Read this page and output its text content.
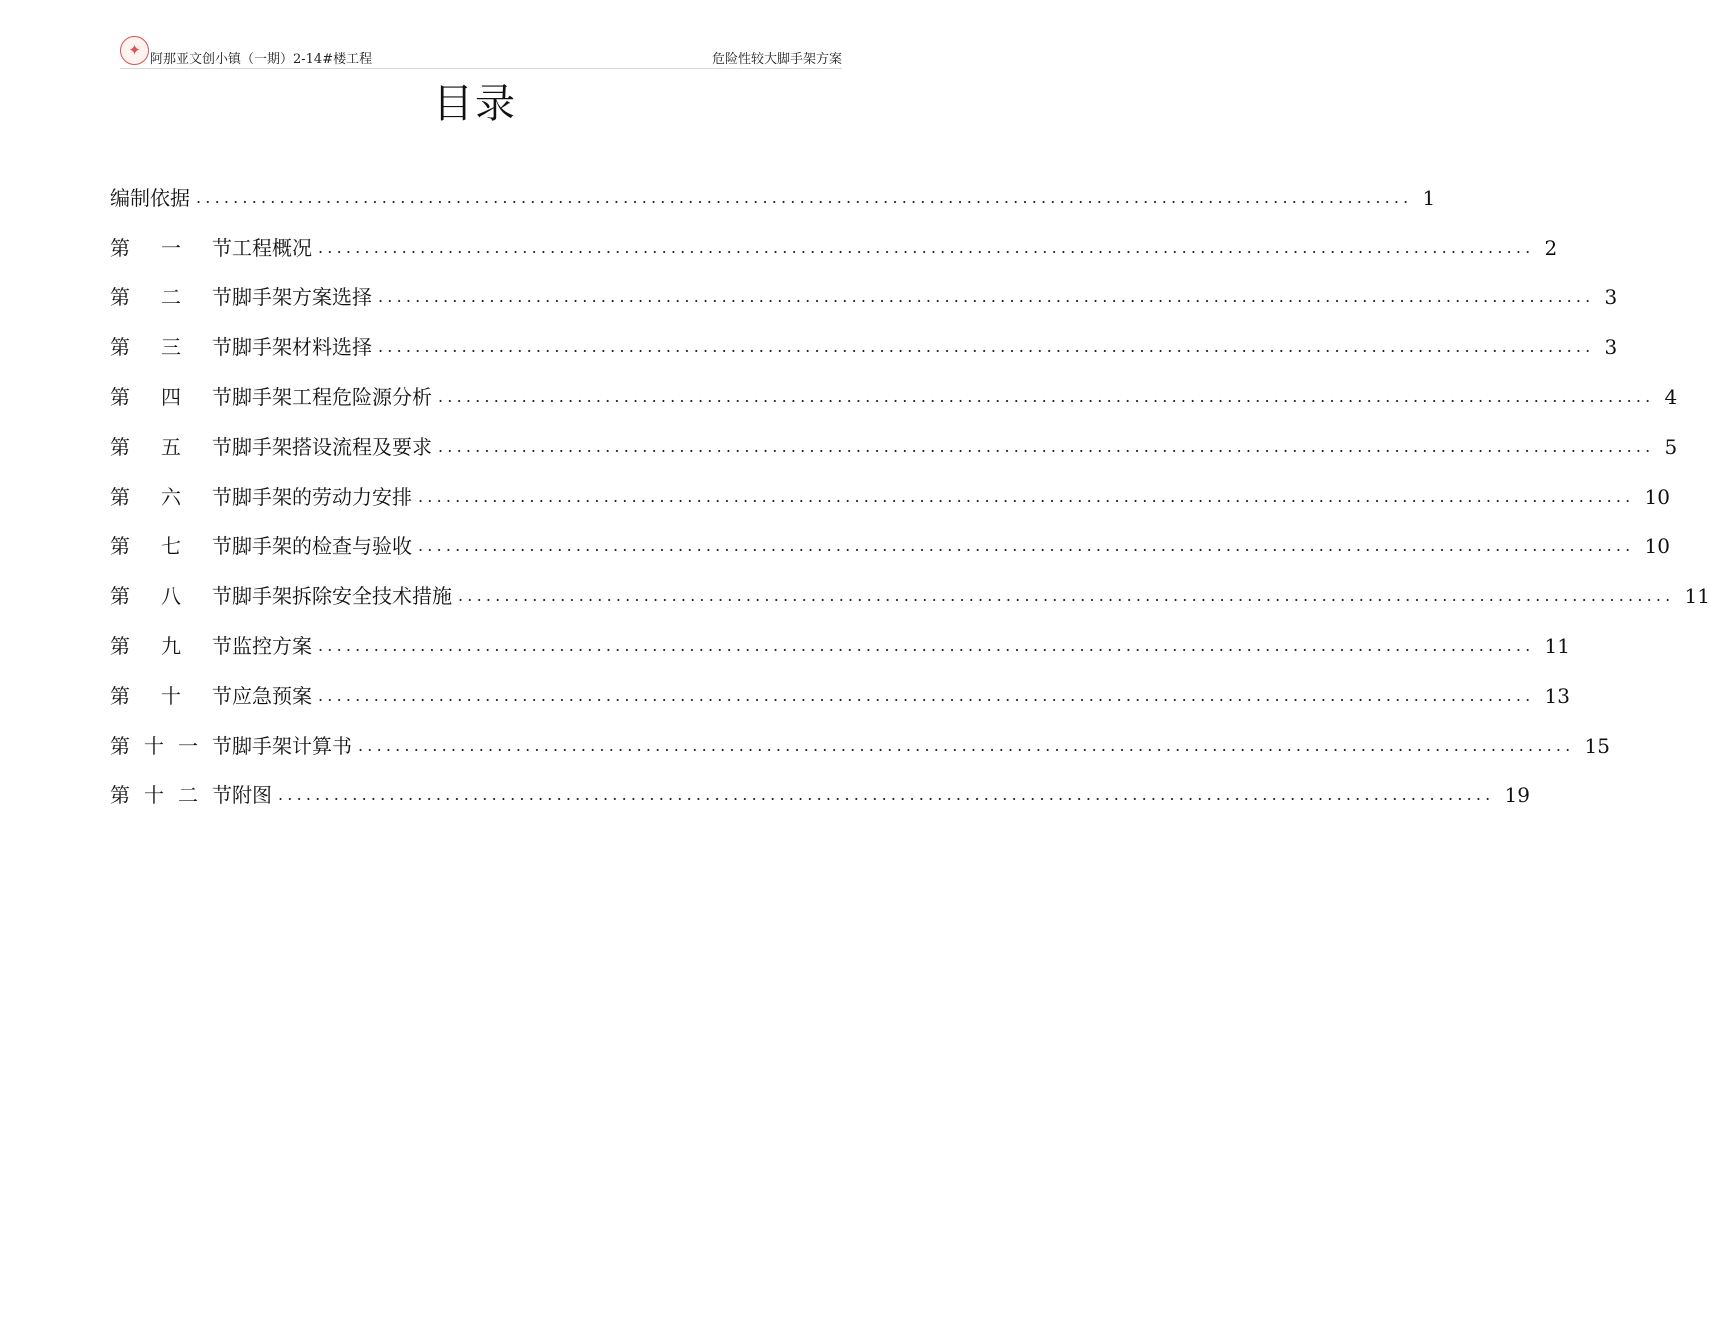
✦
阿那亚文创小镇（一期）2-14#楼工程	危险性较大脚手架方案
目录
编制依据 ................................................................................................................................... 1
第 一 节 工程概况 ................................................................................................................................... 2
第 二 节 脚手架方案选择 ................................................................................................................................... 3
第 三 节 脚手架材料选择 ................................................................................................................................... 3
第 四 节 脚手架工程危险源分析 ................................................................................................................................... 4
第 五 节 脚手架搭设流程及要求 ................................................................................................................................... 5
第 六 节 脚手架的劳动力安排 ................................................................................................................................... 10
第 七 节 脚手架的检查与验收 ................................................................................................................................... 10
第 八 节 脚手架拆除安全技术措施 ................................................................................................................................... 11
第 九 节 监控方案 ................................................................................................................................... 11
第 十 节 应急预案 ................................................................................................................................... 13
第 十 一 节 脚手架计算书 ................................................................................................................................... 15
第 十 二 节 附图 ................................................................................................................................... 19
